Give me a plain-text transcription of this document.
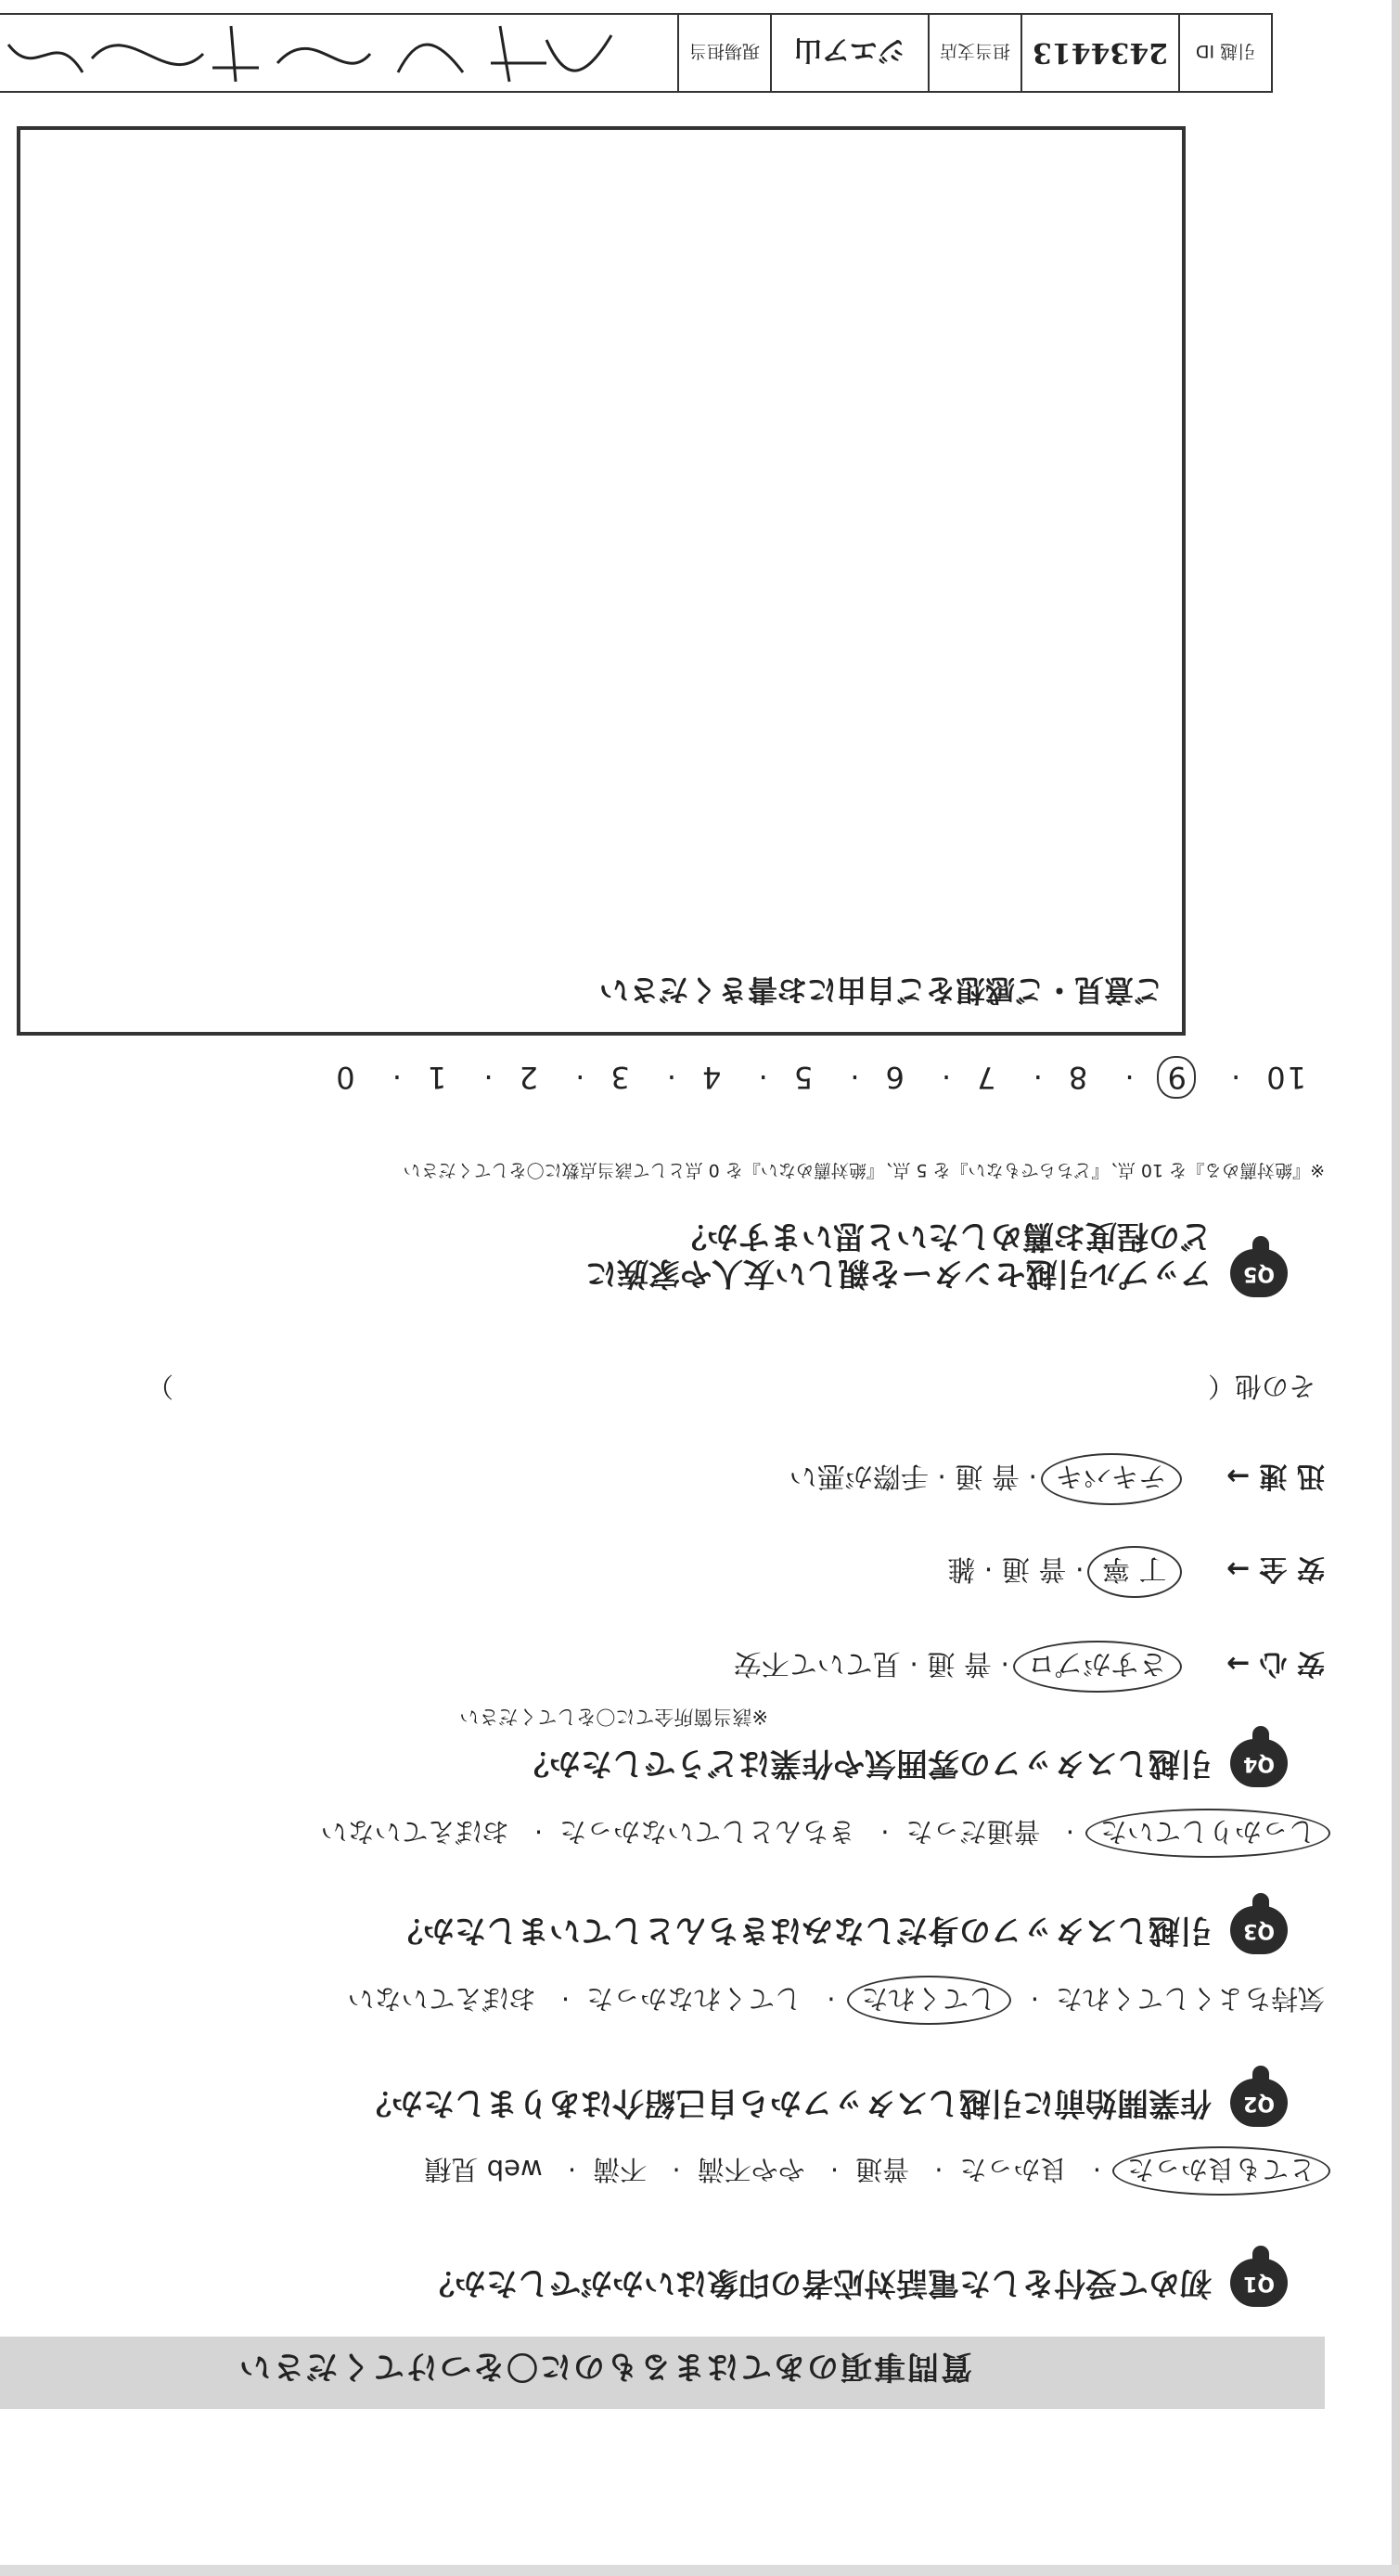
質問事項のあてはまるものに〇をつけてください
Q1
初めて受付をした電話対応者の印象はいかがでしたか？
とても良かった· 良かった· 普通· やや不満· 不満· web 見積
Q2
作業開始前に引越しスタッフから自己紹介はありましたか？
気持ちよくしてくれた· してくれた· してくれなかった· おぼえていない
Q3
引越しスタッフの身だしなみはきちんとしていましたか？
しっかりしていた· 普通だった· きちんとしていなかった· おぼえていない
Q4
引越しスタッフの雰囲気や作業はどうでしたか？
※該当箇所全てに〇をしてください
安 心 → さすがプロ · 普 通 · 見ていて不安
安 全 → 丁 寧 · 普 通 · 雑
迅 速 → テキパキ · 普 通 · 手際が悪い
その他（
）
Q5
アップル引越センターを親しい友人や家族に
どの程度お薦めしたいと思いますか？
※『絶対薦める』を 10 点、『どちらでもない』を 5 点、『絶対薦めない』を 0 点として該当点数に〇をしてください
10· 9· 8· 7· 6· 5· 4· 3· 2· 1· 0
ご意見・ご感想をご自由にお書きください
引越 ID
2434413
担当支店
ジエア山
現場担当
